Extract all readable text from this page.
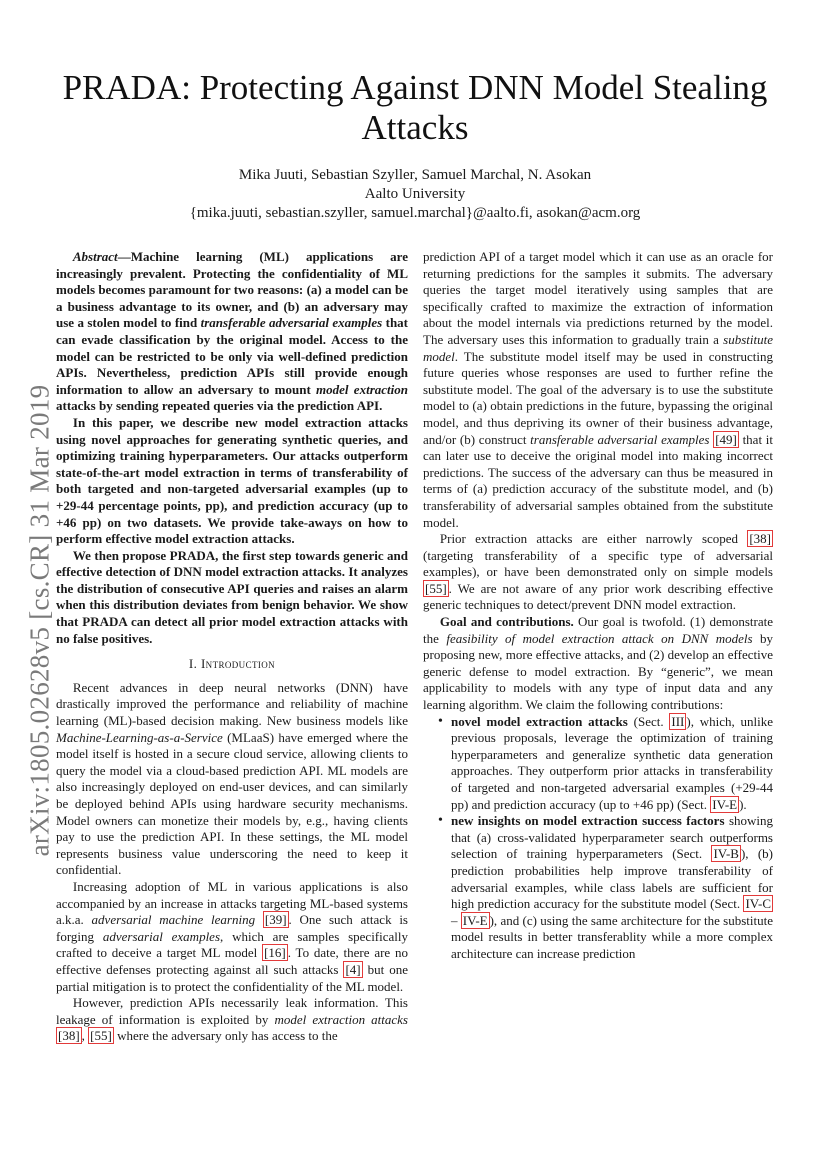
arXiv:1805.02628v5 [cs.CR] 31 Mar 2019
PRADA: Protecting Against DNN Model Stealing Attacks
Mika Juuti, Sebastian Szyller, Samuel Marchal, N. Asokan
Aalto University
{mika.juuti, sebastian.szyller, samuel.marchal}@aalto.fi, asokan@acm.org

Abstract—Machine learning (ML) applications are increasingly prevalent. Protecting the confidentiality of ML models becomes paramount for two reasons: (a) a model can be a business advantage to its owner, and (b) an adversary may use a stolen model to find transferable adversarial examples that can evade classification by the original model. Access to the model can be restricted to be only via well-defined prediction APIs. Nevertheless, prediction APIs still provide enough information to allow an adversary to mount model extraction attacks by sending repeated queries via the prediction API.

In this paper, we describe new model extraction attacks using novel approaches for generating synthetic queries, and optimizing training hyperparameters. Our attacks outperform state-of-the-art model extraction in terms of transferability of both targeted and non-targeted adversarial examples (up to +29-44 percentage points, pp), and prediction accuracy (up to +46 pp) on two datasets. We provide take-aways on how to perform effective model extraction attacks.

We then propose PRADA, the first step towards generic and effective detection of DNN model extraction attacks. It analyzes the distribution of consecutive API queries and raises an alarm when this distribution deviates from benign behavior. We show that PRADA can detect all prior model extraction attacks with no false positives.

I. Introduction

Recent advances in deep neural networks (DNN) have drastically improved the performance and reliability of machine learning (ML)-based decision making. New business models like Machine-Learning-as-a-Service (MLaaS) have emerged where the model itself is hosted in a secure cloud service, allowing clients to query the model via a cloud-based prediction API. ML models are also increasingly deployed on end-user devices, and can similarly be deployed behind APIs using hardware security mechanisms. Model owners can monetize their models by, e.g., having clients pay to use the prediction API. In these settings, the ML model represents business value underscoring the need to keep it confidential.

Increasing adoption of ML in various applications is also accompanied by an increase in attacks targeting ML-based systems a.k.a. adversarial machine learning [39] . One such attack is forging adversarial examples, which are samples specifically crafted to deceive a target ML model [16] . To date, there are no effective defenses protecting against all such attacks [4] but one partial mitigation is to protect the confidentiality of the ML model.

However, prediction APIs necessarily leak information. This leakage of information is exploited by model extraction attacks [38] , [55] where the adversary only has access to the

prediction API of a target model which it can use as an oracle for returning predictions for the samples it submits. The adversary queries the target model iteratively using samples that are specifically crafted to maximize the extraction of information about the model internals via predictions returned by the model. The adversary uses this information to gradually train a substitute model. The substitute model itself may be used in constructing future queries whose responses are used to further refine the substitute model. The goal of the adversary is to use the substitute model to (a) obtain predictions in the future, bypassing the original model, and thus depriving its owner of their business advantage, and/or (b) construct transferable adversarial examples [49] that it can later use to deceive the original model into making incorrect predictions. The success of the adversary can thus be measured in terms of (a) prediction accuracy of the substitute model, and (b) transferability of adversarial samples obtained from the substitute model.

Prior extraction attacks are either narrowly scoped [38] (targeting transferability of a specific type of adversarial examples), or have been demonstrated only on simple models [55] . We are not aware of any prior work describing effective generic techniques to detect/prevent DNN model extraction.

Goal and contributions. Our goal is twofold. (1) demonstrate the feasibility of model extraction attack on DNN models by proposing new, more effective attacks, and (2) develop an effective generic defense to model extraction. By “generic”, we mean applicability to models with any type of input data and any learning algorithm. We claim the following contributions:

• novel model extraction attacks (Sect. III ), which, unlike previous proposals, leverage the optimization of training hyperparameters and generalize synthetic data generation approaches. They outperform prior attacks in transferability of targeted and non-targeted adversarial examples (+29-44 pp) and prediction accuracy (up to +46 pp) (Sect. IV-E ).
• new insights on model extraction success factors showing that (a) cross-validated hyperparameter search outperforms selection of training hyperparameters (Sect. IV-B ), (b) prediction probabilities help improve transferability of adversarial examples, while class labels are sufficient for high prediction accuracy for the substitute model (Sect. IV-C – IV-E ), and (c) using the same architecture for the substitute model results in better transferablity while a more complex architecture can increase prediction
